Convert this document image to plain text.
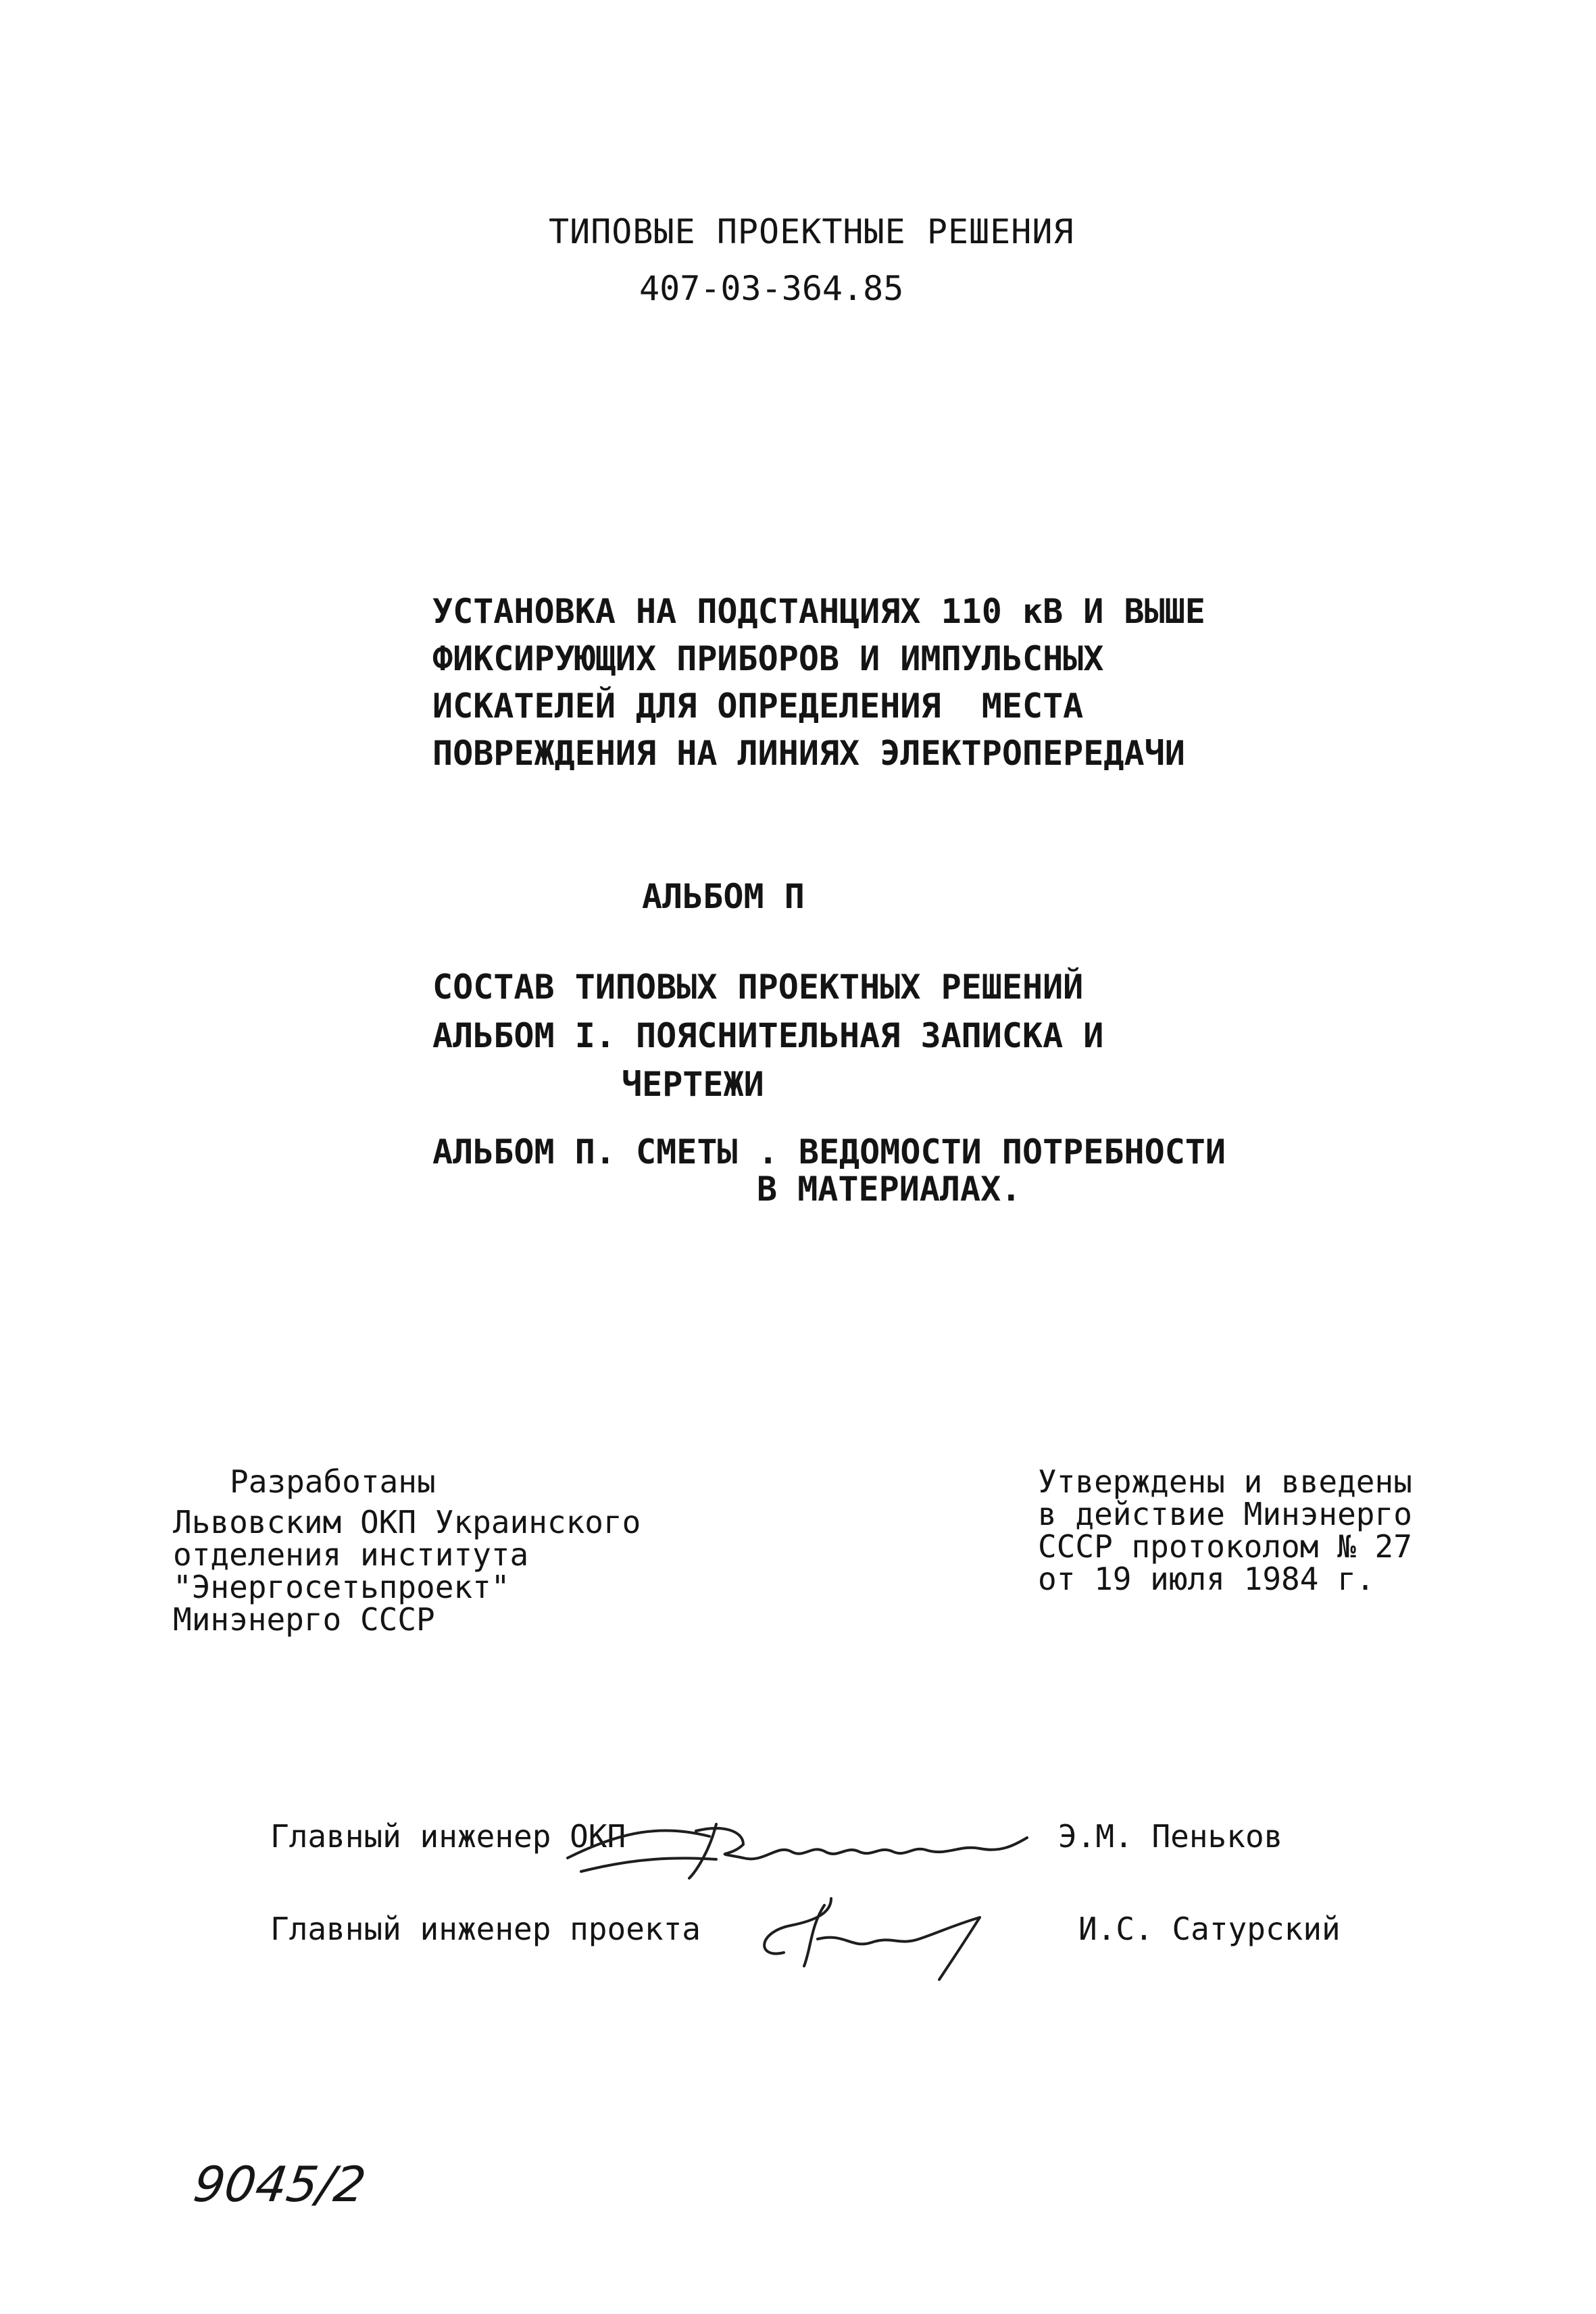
ТИПОВЫЕ ПРОЕКТНЫЕ РЕШЕНИЯ
407-03-364.85
УСТАНОВКА НА ПОДСТАНЦИЯХ 110 кВ И ВЫШЕ
ФИКСИРУЮЩИХ ПРИБОРОВ И ИМПУЛЬСНЫХ
ИСКАТЕЛЕЙ ДЛЯ ОПРЕДЕЛЕНИЯ  МЕСТА
ПОВРЕЖДЕНИЯ НА ЛИНИЯХ ЭЛЕКТРОПЕРЕДАЧИ
АЛЬБОМ П
СОСТАВ ТИПОВЫХ ПРОЕКТНЫХ РЕШЕНИЙ
АЛЬБОМ I. ПОЯСНИТЕЛЬНАЯ ЗАПИСКА И
ЧЕРТЕЖИ
АЛЬБОМ П. СМЕТЫ . ВЕДОМОСТИ ПОТРЕБНОСТИ
В МАТЕРИАЛАХ.
Разработаны
Львовским ОКП Украинского
отделения института
"Энергосетьпроект"
Минэнерго СССР
Утверждены и введены
в действие Минэнерго
СССР протоколом № 27
от 19 июля 1984 г.
Главный инженер ОКП	Э.М. Пеньков
Главный инженер проекта	И.С. Сатурский
9045/2
